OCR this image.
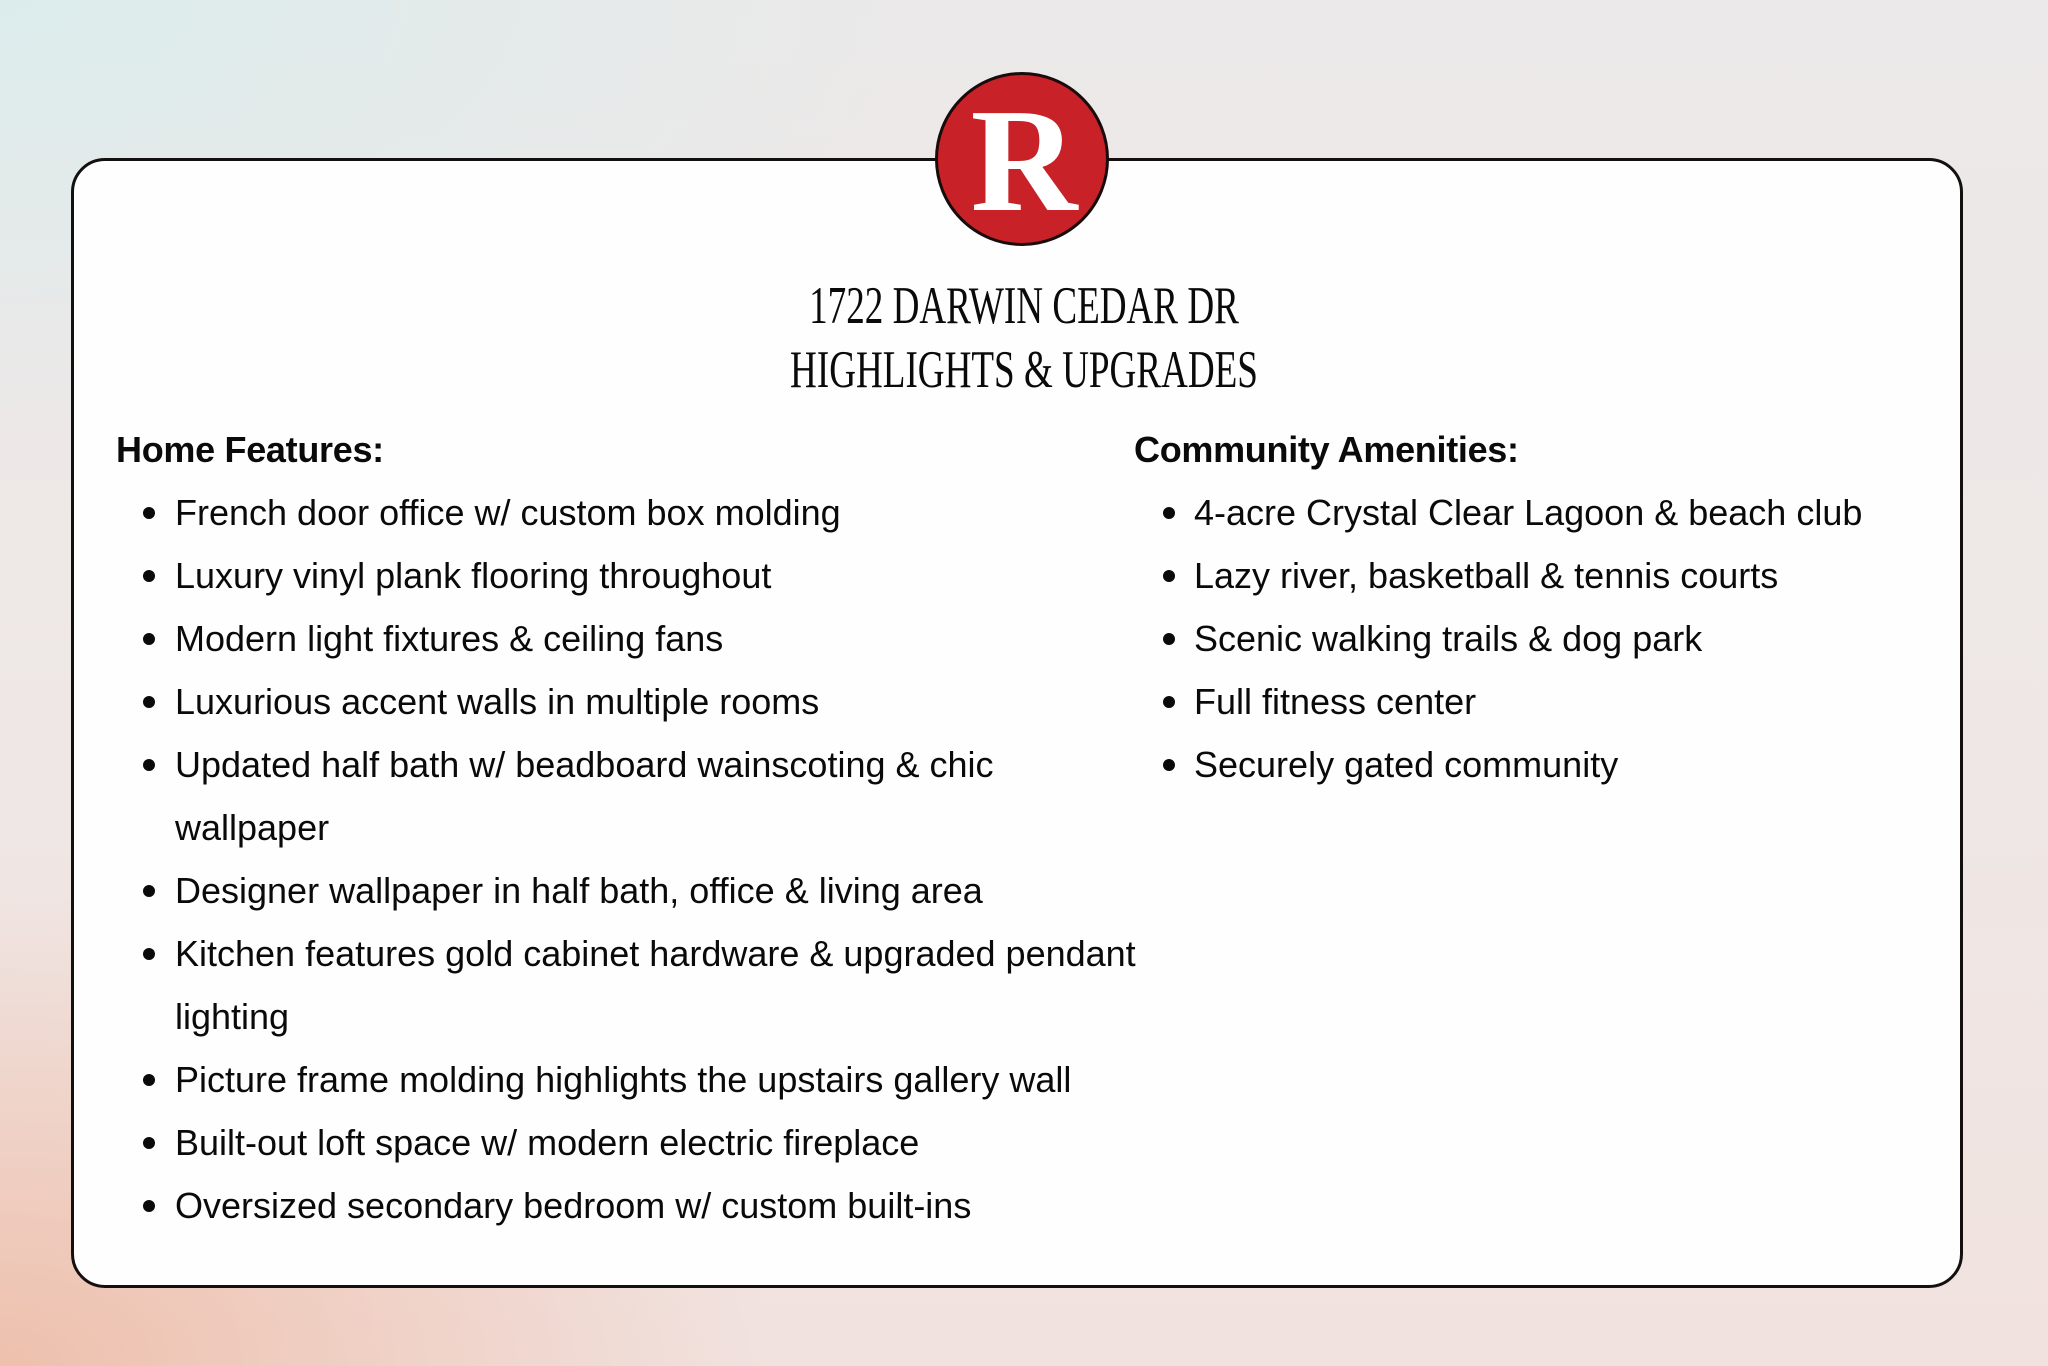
R
1722 DARWIN CEDAR DR
HIGHLIGHTS & UPGRADES
Home Features:
French door office w/ custom box molding
Luxury vinyl plank flooring throughout
Modern light fixtures & ceiling fans
Luxurious accent walls in multiple rooms
Updated half bath w/ beadboard wainscoting & chic wallpaper
Designer wallpaper in half bath, office & living area
Kitchen features gold cabinet hardware & upgraded pendant lighting
Picture frame molding highlights the upstairs gallery wall
Built-out loft space w/ modern electric fireplace
Oversized secondary bedroom w/ custom built-ins
Community Amenities:
4-acre Crystal Clear Lagoon & beach club
Lazy river, basketball & tennis courts
Scenic walking trails & dog park
Full fitness center
Securely gated community
